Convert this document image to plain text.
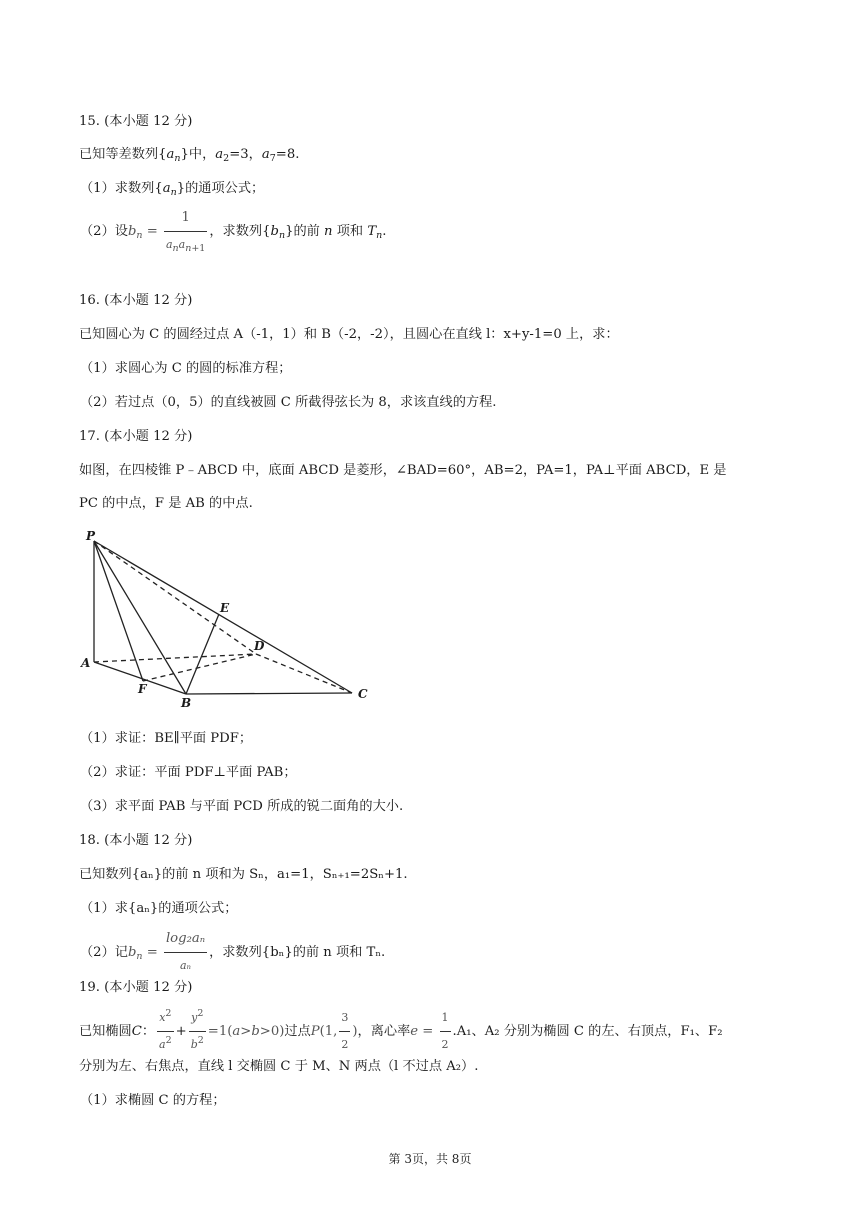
15. (本小题 12 分)
已知等差数列$\{a_n\}$中，$a_2=3$，$a_7=8$.
（1）求数列$\{a_n\}$的通项公式；
（2）设$b_n = \frac{1}{a_na_{n+1}}$ ，求数列$\{b_n\}$的前 n 项和 $T_n$.
16. (本小题 12 分)
已知圆心为 C 的圆经过点 A（-1，1）和 B（-2，-2），且圆心在直线 l：x+y-1=0 上，求：
（1）求圆心为 C 的圆的标准方程；
（2）若过点（0，5）的直线被圆 C 所截得弦长为 8，求该直线的方程.
17. (本小题 12 分)
如图，在四棱锥 P﹣ABCD 中，底面 ABCD 是菱形，∠BAD=60°，AB=2，PA=1，PA⊥平面 ABCD，E 是
PC 的中点，F 是 AB 的中点.
P
A
F
B
C
D
E
（1）求证：BE∥平面 PDF；
（2）求证：平面 PDF⊥平面 PAB；
（3）求平面 PAB 与平面 PCD 所成的锐二面角的大小.
18. (本小题 12 分)
已知数列{aₙ}的前 n 项和为 Sₙ，a₁=1，Sₙ₊₁=2Sₙ+1.
（1）求{aₙ}的通项公式；
（2）记$b_n = \frac{\text{log₂aₙ}}{\text{aₙ}}$ ，求数列{bₙ}的前 n 项和 Tₙ.
19. (本小题 12 分)
已知椭圆C： $\frac{x^2}{a^2} + \frac{y^2}{b^2} =1(a>b>0)$过点P(1, $\frac{3}{2}$ )，离心率$e = \frac{1}{2} .A_1$、A₂ 分别为椭圆 C 的左、右顶点，F₁、F₂
分别为左、右焦点，直线 l 交椭圆 C 于 M、N 两点（l 不过点 A₂）.
（1）求椭圆 C 的方程；
第 3页，共 8页
